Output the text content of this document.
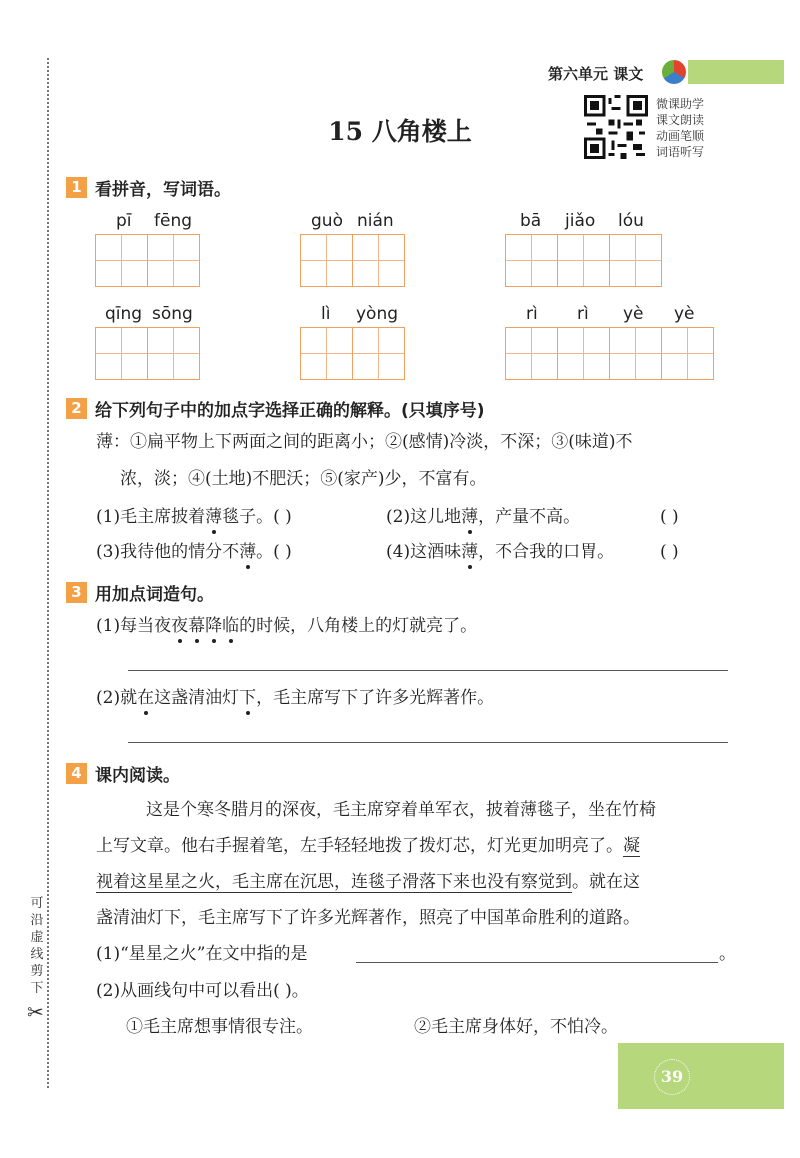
可
沿
虚
线
剪
下
✂
第六单元 课文
15 八角楼上
微课助学
课文朗读
动画笔顺
词语听写
1 看拼音，写词语。
pī fēng	guò nián	bā jiǎo lóu
qīng sōng	lì yòng	rì rì yè yè
2 给下列句子中的加点字选择正确的解释。(只填序号)
薄：①扁平物上下两面之间的距离小；②(感情)冷淡，不深；③(味道)不
浓，淡；④(土地)不肥沃；⑤(家产)少，不富有。
(1)毛主席披着薄毯子。( )	(2)这儿地薄，产量不高。	( )
(3)我待他的情分不薄。( )	(4)这酒味薄，不合我的口胃。	( )
3 用加点词造句。
(1)每当夜夜幕降临的时候，八角楼上的灯就亮了。
(2)就在这盏清油灯下，毛主席写下了许多光辉著作。
4 课内阅读。
这是个寒冬腊月的深夜，毛主席穿着单军衣，披着薄毯子，坐在竹椅
上写文章。他右手握着笔，左手轻轻地拨了拨灯芯，灯光更加明亮了。凝
视着这星星之火，毛主席在沉思，连毯子滑落下来也没有察觉到。就在这
盏清油灯下，毛主席写下了许多光辉著作，照亮了中国革命胜利的道路。
(1)“星星之火”在文中指的是	。
(2)从画线句中可以看出( )。
①毛主席想事情很专注。	②毛主席身体好，不怕冷。
39
